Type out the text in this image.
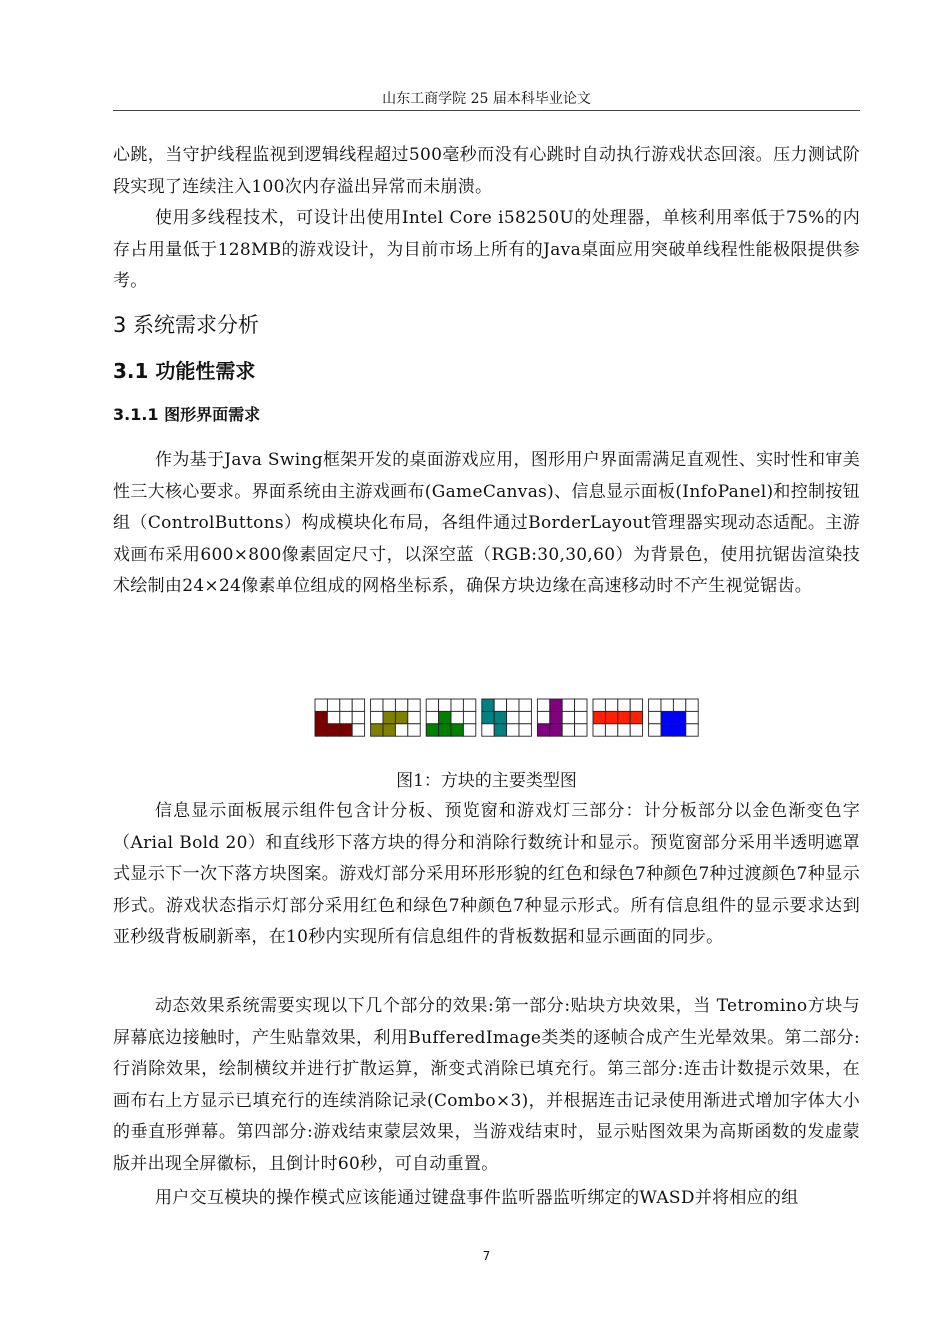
山东工商学院 25 届本科毕业论文

心跳，当守护线程监视到逻辑线程超过500毫秒而没有心跳时自动执行游戏状态回滚。压力测试阶段实现了连续注入100次内存溢出异常而未崩溃。

使用多线程技术，可设计出使用Intel Core i58250U的处理器，单核利用率低于75%的内存占用量低于128MB的游戏设计，为目前市场上所有的Java桌面应用突破单线程性能极限提供参考。

3 系统需求分析
3.1 功能性需求
3.1.1 图形界面需求

作为基于Java Swing框架开发的桌面游戏应用，图形用户界面需满足直观性、实时性和审美性三大核心要求。界面系统由主游戏画布(GameCanvas)、信息显示面板(InfoPanel)和控制按钮组（ControlButtons）构成模块化布局，各组件通过BorderLayout管理器实现动态适配。主游戏画布采用600×800像素固定尺寸，以深空蓝（RGB:30,30,60）为背景色，使用抗锯齿渲染技术绘制由24×24像素单位组成的网格坐标系，确保方块边缘在高速移动时不产生视觉锯齿。

图1：方块的主要类型图

信息显示面板展示组件包含计分板、预览窗和游戏灯三部分：计分板部分以金色渐变色字（Arial Bold 20）和直线形下落方块的得分和消除行数统计和显示。预览窗部分采用半透明遮罩式显示下一次下落方块图案。游戏灯部分采用环形形貌的红色和绿色7种颜色7种过渡颜色7种显示形式。游戏状态指示灯部分采用红色和绿色7种颜色7种显示形式。所有信息组件的显示要求达到亚秒级背板刷新率，在10秒内实现所有信息组件的背板数据和显示画面的同步。

动态效果系统需要实现以下几个部分的效果:第一部分:贴块方块效果，当 Tetromino方块与屏幕底边接触时，产生贴靠效果，利用BufferedImage类类的逐帧合成产生光晕效果。第二部分:行消除效果，绘制横纹并进行扩散运算，渐变式消除已填充行。第三部分:连击计数提示效果，在画布右上方显示已填充行的连续消除记录(Combo×3)，并根据连击记录使用渐进式增加字体大小的垂直形弹幕。第四部分:游戏结束蒙层效果，当游戏结束时，显示贴图效果为高斯函数的发虚蒙版并出现全屏徽标，且倒计时60秒，可自动重置。

用户交互模块的操作模式应该能通过键盘事件监听器监听绑定的WASD并将相应的组

7
